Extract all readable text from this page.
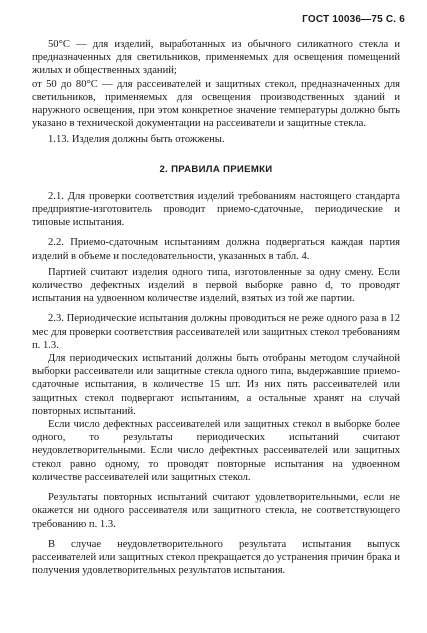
ГОСТ 10036—75 С. 6

50°С — для изделий, выработанных из обычного силикатного стекла и предназначенных для светильников, применяемых для освещения помещений жилых и общественных зданий;

от 50 до 80°С — для рассеивателей и защитных стекол, предназначенных для светильников, применяемых для освещения производственных зданий и наружного освещения, при этом конкретное значение температуры должно быть указано в технической документации на рассеиватели и защитные стекла.

1.13. Изделия должны быть отожжены.

2. ПРАВИЛА ПРИЕМКИ

2.1. Для проверки соответствия изделий требованиям настоящего стандарта предприятие-изготовитель проводит приемо-сдаточные, периодические и типовые испытания.

2.2. Приемо-сдаточным испытаниям должна подвергаться каждая партия изделий в объеме и последовательности, указанных в табл. 4.

Партией считают изделия одного типа, изготовленные за одну смену. Если количество дефектных изделий в первой выборке равно d, то проводят испытания на удвоенном количестве изделий, взятых из той же партии.

2.3. Периодические испытания должны проводиться не реже одного раза в 12 мес для проверки соответствия рассеивателей или защитных стекол требованиям п. 1.3.

Для периодических испытаний должны быть отобраны методом случайной выборки рассеиватели или защитные стекла одного типа, выдержавшие приемо-сдаточные испытания, в количестве 15 шт. Из них пять рассеивателей или защитных стекол подвергают испытаниям, а остальные хранят на случай повторных испытаний.

Если число дефектных рассеивателей или защитных стекол в выборке более одного, то результаты периодических испытаний считают неудовлетворительными. Если число дефектных рассеивателей или защитных стекол равно одному, то проводят повторные испытания на удвоенном количестве рассеивателей или защитных стекол.

Результаты повторных испытаний считают удовлетворительными, если не окажется ни одного рассеивателя или защитного стекла, не соответствующего требованию п. 1.3.

В случае неудовлетворительного результата испытания выпуск рассеивателей или защитных стекол прекращается до устранения причин брака и получения удовлетворительных результатов испытания.
